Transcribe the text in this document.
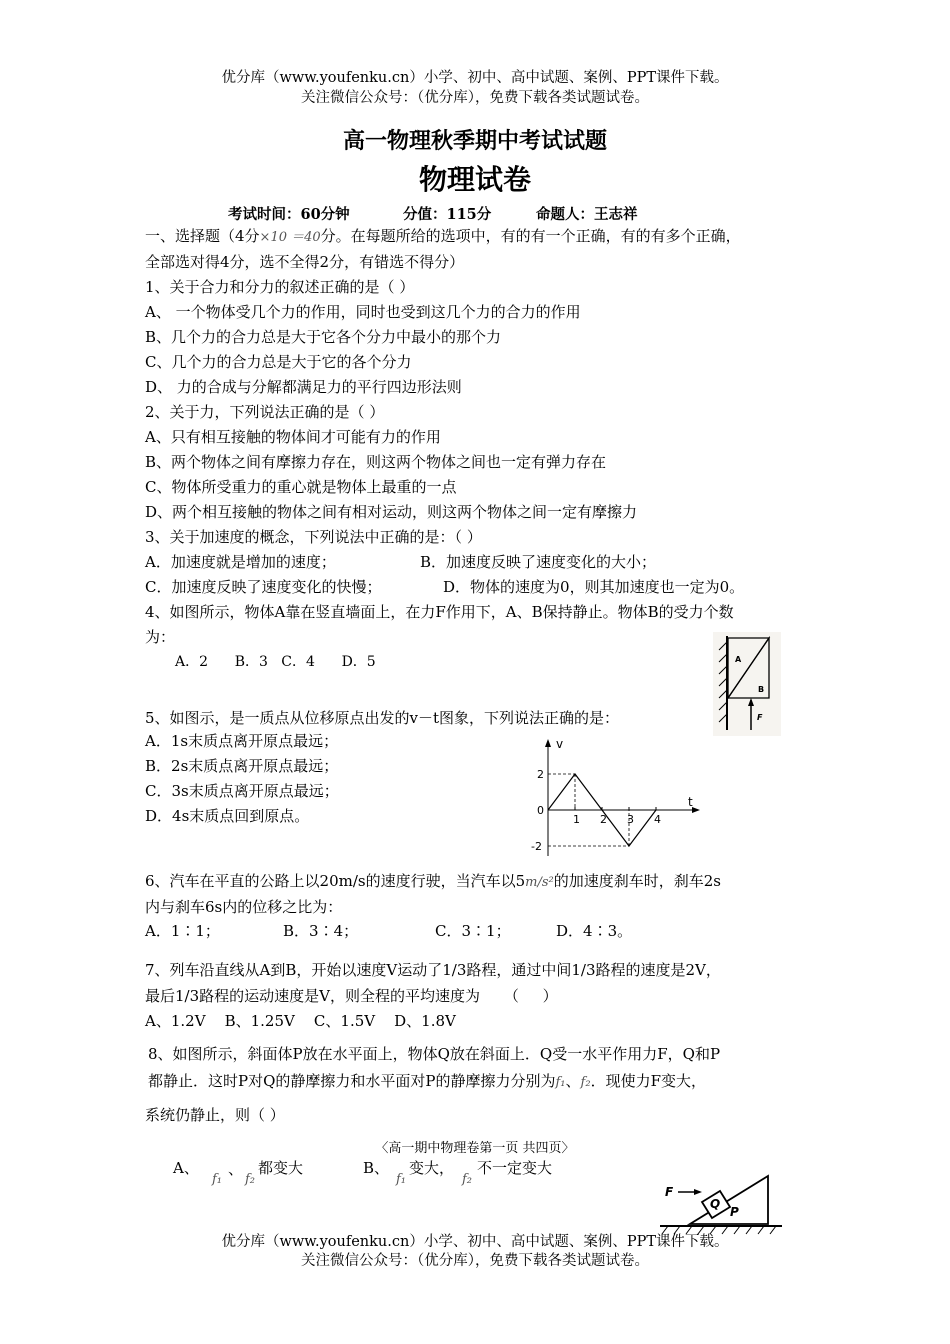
优分库（www.youfenku.cn）小学、初中、高中试题、案例、PPT课件下载。
关注微信公众号：（优分库），免费下载各类试题试卷。
高一物理秋季期中考试试题
物理试卷
考试时间：60分钟	分值：115分	命题人：王志祥
一、选择题（4分×10 ＝40分。在每题所给的选项中，有的有一个正确，有的有多个正确，
全部选对得4分，选不全得2分，有错选不得分）
1、关于合力和分力的叙述正确的是（ ）
A、 一个物体受几个力的作用，同时也受到这几个力的合力的作用
B、几个力的合力总是大于它各个分力中最小的那个力
C、几个力的合力总是大于它的各个分力
D、 力的合成与分解都满足力的平行四边形法则
2、关于力，下列说法正确的是（ ）
A、只有相互接触的物体间才可能有力的作用
B、两个物体之间有摩擦力存在，则这两个物体之间也一定有弹力存在
C、物体所受重力的重心就是物体上最重的一点
D、两个相互接触的物体之间有相对运动，则这两个物体之间一定有摩擦力
3、关于加速度的概念，下列说法中正确的是：（ ）
A．加速度就是增加的速度；	B．加速度反映了速度变化的大小；
C．加速度反映了速度变化的快慢；	D．物体的速度为0，则其加速度也一定为0。
4、如图所示，物体A靠在竖直墙面上，在力F作用下，A、B保持静止。物体B的受力个数
为：
A．2      B．3   C．4      D．5	A
B
F
5、如图示，是一质点从位移原点出发的v－t图象，下列说法正确的是：
A．1s末质点离开原点最远；
B．2s末质点离开原点最远；
C．3s末质点离开原点最远；
D．4s末质点回到原点。
v
t
1 2 3 4
2
0
-2
6、汽车在平直的公路上以20m/s的速度行驶，当汽车以5m/s²的加速度刹车时，刹车2s
内与刹车6s内的位移之比为：
A．1∶1；	B．3∶4；	C．3∶1；	D．4∶3。
7、列车沿直线从A到B，开始以速度V运动了1/3路程，通过中间1/3路程的速度是2V，
最后1/3路程的运动速度是V，则全程的平均速度为     （     ）
A、1.2V    B、1.25V    C、1.5V    D、1.8V
8、如图所示，斜面体P放在水平面上，物体Q放在斜面上．Q受一水平作用力F，Q和P
都静止．这时P对Q的静摩擦力和水平面对P的静摩擦力分别为f₁、f₂．现使力F变大，
系统仍静止，则（ ）
〈高一期中物理卷第一页 共四页〉
A、
f₁
、
f₂
都变大	B、
f₁
变大，
f₂
不一定变大
F
Q
P
优分库（www.youfenku.cn）小学、初中、高中试题、案例、PPT课件下载。
关注微信公众号：（优分库），免费下载各类试题试卷。
